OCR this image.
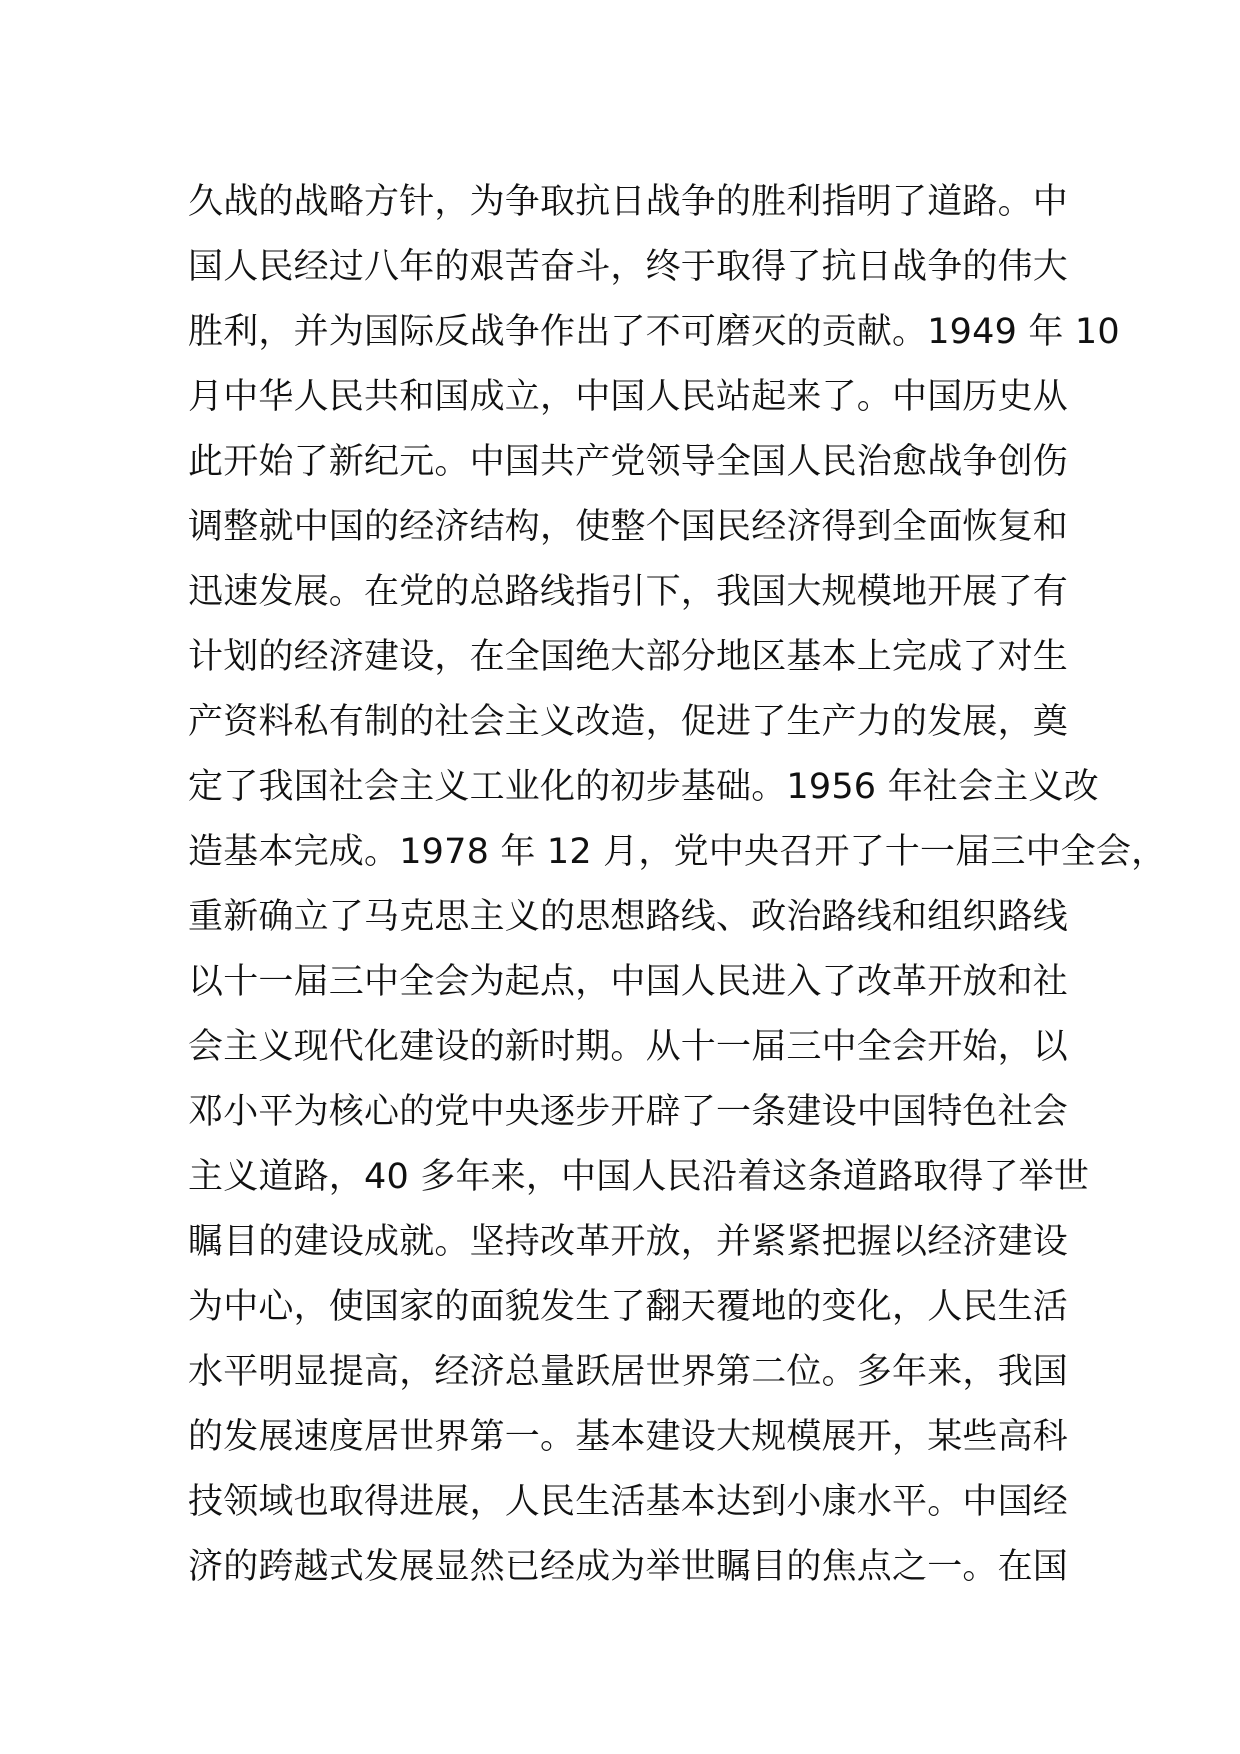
久战的战略方针，为争取抗日战争的胜利指明了道路。中
国人民经过八年的艰苦奋斗，终于取得了抗日战争的伟大
胜利，并为国际反战争作出了不可磨灭的贡献。1949 年 10
月中华人民共和国成立，中国人民站起来了。中国历史从
此开始了新纪元。中国共产党领导全国人民治愈战争创伤
调整就中国的经济结构，使整个国民经济得到全面恢复和
迅速发展。在党的总路线指引下，我国大规模地开展了有
计划的经济建设，在全国绝大部分地区基本上完成了对生
产资料私有制的社会主义改造，促进了生产力的发展，奠
定了我国社会主义工业化的初步基础。1956 年社会主义改
造基本完成。1978 年 12 月，党中央召开了十一届三中全会，
重新确立了马克思主义的思想路线、政治路线和组织路线
以十一届三中全会为起点，中国人民进入了改革开放和社
会主义现代化建设的新时期。从十一届三中全会开始，以
邓小平为核心的党中央逐步开辟了一条建设中国特色社会
主义道路，40 多年来，中国人民沿着这条道路取得了举世
瞩目的建设成就。坚持改革开放，并紧紧把握以经济建设
为中心，使国家的面貌发生了翻天覆地的变化，人民生活
水平明显提高，经济总量跃居世界第二位。多年来，我国
的发展速度居世界第一。基本建设大规模展开，某些高科
技领域也取得进展，人民生活基本达到小康水平。中国经
济的跨越式发展显然已经成为举世瞩目的焦点之一。在国
